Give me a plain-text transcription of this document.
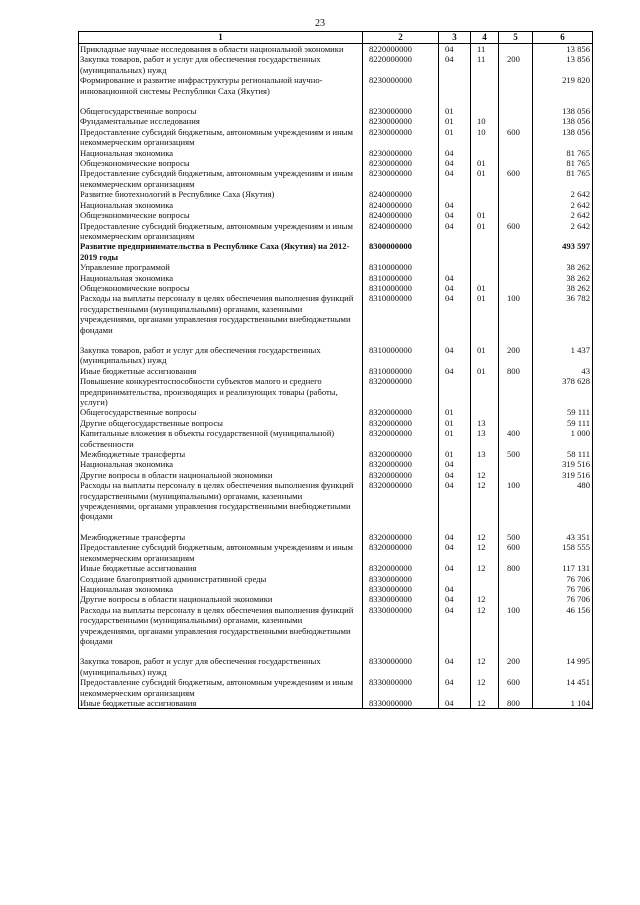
23
1	2	3	4	5	6
Прикладные научные исследования в области национальной экономики	8220000000	04	11		13 856
Закупка товаров, работ и услуг для обеспечения государственных (муниципальных) нужд	8220000000	04	11	200	13 856
Формирование и развитие инфраструктуры региональной научно-инновационной системы Республики Саха (Якутия)	8230000000				219 820
Общегосударственные вопросы	8230000000	01			138 056
Фундаментальные исследования	8230000000	01	10		138 056
Предоставление субсидий бюджетным, автономным учреждениям и иным некоммерческим организациям	8230000000	01	10	600	138 056
Национальная экономика	8230000000	04			81 765
Общеэкономические вопросы	8230000000	04	01		81 765
Предоставление субсидий бюджетным, автономным учреждениям и иным некоммерческим организациям	8230000000	04	01	600	81 765
Развитие биотехнологий в Республике Саха (Якутия)	8240000000				2 642
Национальная экономика	8240000000	04			2 642
Общеэкономические вопросы	8240000000	04	01		2 642
Предоставление субсидий бюджетным, автономным учреждениям и иным некоммерческим организациям	8240000000	04	01	600	2 642
Развитие предпринимательства в Республике Саха (Якутия) на 2012-2019 годы	8300000000				493 597
Управление программой	8310000000				38 262
Национальная экономика	8310000000	04			38 262
Общеэкономические вопросы	8310000000	04	01		38 262
Расходы на выплаты персоналу в целях обеспечения выполнения функций государственными (муниципальными) органами, казенными учреждениями, органами управления государственными внебюджетными фондами	8310000000	04	01	100	36 782
Закупка товаров, работ и услуг для обеспечения государственных (муниципальных) нужд	8310000000	04	01	200	1 437
Иные бюджетные ассигнования	8310000000	04	01	800	43
Повышение конкурентоспособности субъектов малого и среднего предпринимательства, производящих и реализующих товары (работы, услуги)	8320000000				378 628
Общегосударственные вопросы	8320000000	01			59 111
Другие общегосударственные вопросы	8320000000	01	13		59 111
Капитальные вложения в объекты государственной (муниципальной) собственности	8320000000	01	13	400	1 000
Межбюджетные трансферты	8320000000	01	13	500	58 111
Национальная экономика	8320000000	04			319 516
Другие вопросы в области национальной экономики	8320000000	04	12		319 516
Расходы на выплаты персоналу в целях обеспечения выполнения функций государственными (муниципальными) органами, казенными учреждениями, органами управления государственными внебюджетными фондами	8320000000	04	12	100	480
Межбюджетные трансферты	8320000000	04	12	500	43 351
Предоставление субсидий бюджетным, автономным учреждениям и иным некоммерческим организациям	8320000000	04	12	600	158 555
Иные бюджетные ассигнования	8320000000	04	12	800	117 131
Создание благоприятной административной среды	8330000000				76 706
Национальная экономика	8330000000	04			76 706
Другие вопросы в области национальной экономики	8330000000	04	12		76 706
Расходы на выплаты персоналу в целях обеспечения выполнения функций государственными (муниципальными) органами, казенными учреждениями, органами управления государственными внебюджетными фондами	8330000000	04	12	100	46 156
Закупка товаров, работ и услуг для обеспечения государственных (муниципальных) нужд	8330000000	04	12	200	14 995
Предоставление субсидий бюджетным, автономным учреждениям и иным некоммерческим организациям	8330000000	04	12	600	14 451
Иные бюджетные ассигнования	8330000000	04	12	800	1 104
